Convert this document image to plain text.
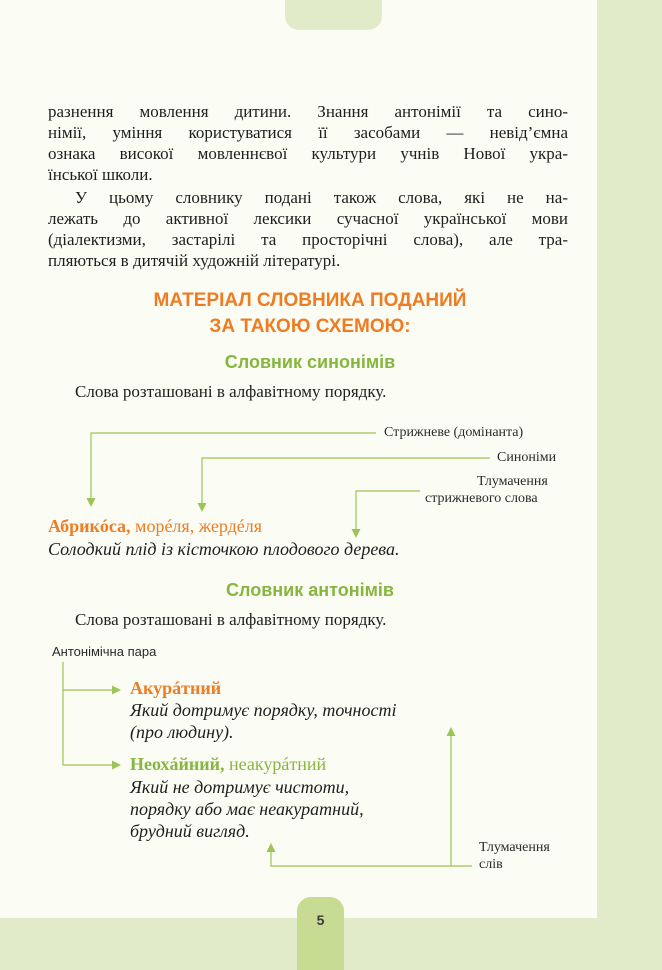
5
разнення мовлення дитини. Знання антонімії та сино-
німії, уміння користуватися її засобами — невід’ємна
ознака високої мовленнєвої культури учнів Нової укра-
їнської школи.
У цьому словнику подані також слова, які не на-
лежать до активної лексики сучасної української мови
(діалектизми, застарілі та просторічні слова), але тра-
пляються в дитячій художній літературі.
МАТЕРІАЛ СЛОВНИКА ПОДАНИЙ
ЗА ТАКОЮ СХЕМОЮ:
Словник синонімів
Слова розташовані в алфавітному порядку.
Стрижневе (домінанта)
Синоніми
Тлумачення
стрижневого слова
Абрикóса, морéля, жердéля
Солодкий плід із кісточкою плодового дерева.
Словник антонімів
Слова розташовані в алфавітному порядку.
Антонімічна пара
Акурáтний
Який дотримує порядку, точності
(про людину).
Неохáйний, неакурáтний
Який не дотримує чистоти,
порядку або має неакуратний,
брудний вигляд.
Тлумачення
слів
